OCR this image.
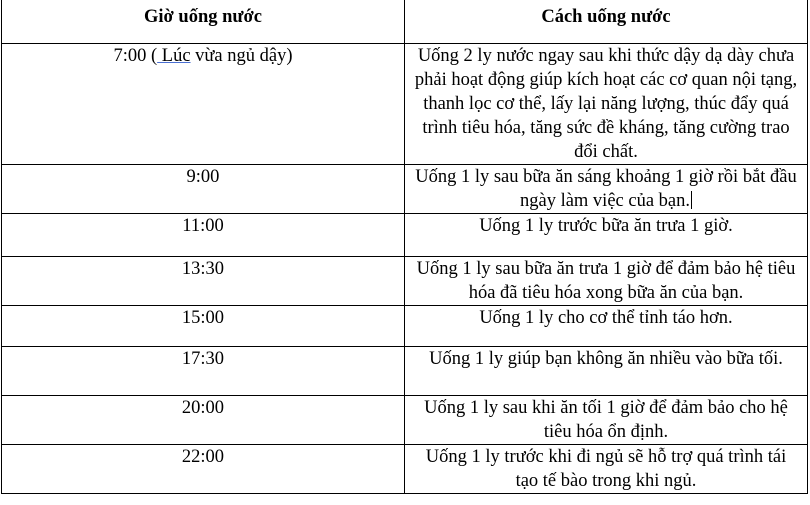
Giờ uống nước	Cách uống nước
7:00 ( Lúc vừa ngủ dậy)	Uống 2 ly nước ngay sau khi thức dậy dạ dày chưa phải hoạt động giúp kích hoạt các cơ quan nội tạng, thanh lọc cơ thể, lấy lại năng lượng, thúc đẩy quá trình tiêu hóa, tăng sức đề kháng, tăng cường trao đổi chất.
9:00	Uống 1 ly sau bữa ăn sáng khoảng 1 giờ rồi bắt đầu ngày làm việc của bạn.
11:00	Uống 1 ly trước bữa ăn trưa 1 giờ.
13:30	Uống 1 ly sau bữa ăn trưa 1 giờ để đảm bảo hệ tiêu hóa đã tiêu hóa xong bữa ăn của bạn.
15:00	Uống 1 ly cho cơ thể tỉnh táo hơn.
17:30	Uống 1 ly giúp bạn không ăn nhiều vào bữa tối.
20:00	Uống 1 ly sau khi ăn tối 1 giờ để đảm bảo cho hệ tiêu hóa ổn định.
22:00	Uống 1 ly trước khi đi ngủ sẽ hỗ trợ quá trình tái tạo tế bào trong khi ngủ.
